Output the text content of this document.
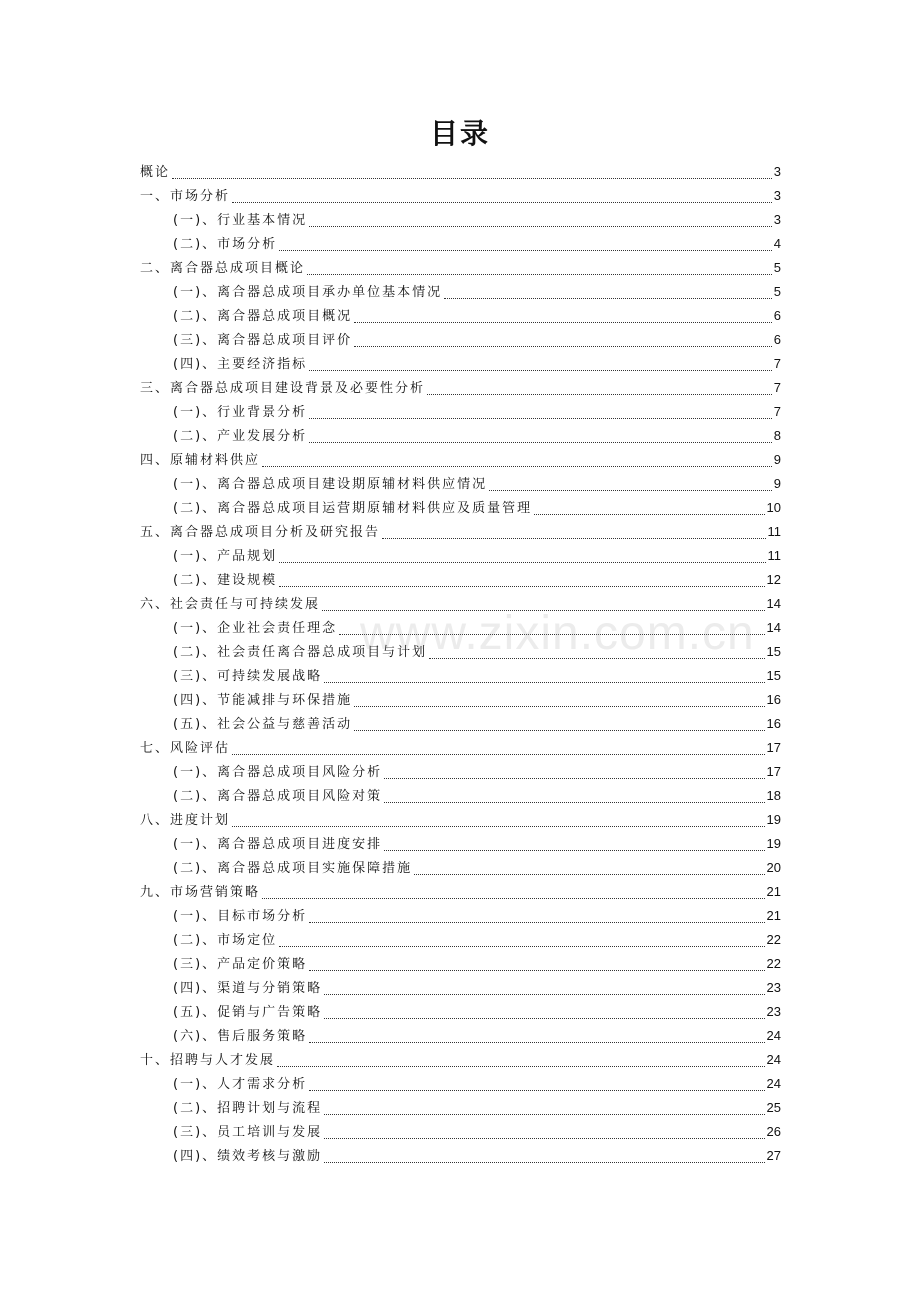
目录
概论	3
一、市场分析	3
(一)、行业基本情况	3
(二)、市场分析	4
二、离合器总成项目概论	5
(一)、离合器总成项目承办单位基本情况	5
(二)、离合器总成项目概况	6
(三)、离合器总成项目评价	6
(四)、主要经济指标	7
三、离合器总成项目建设背景及必要性分析	7
(一)、行业背景分析	7
(二)、产业发展分析	8
四、原辅材料供应	9
(一)、离合器总成项目建设期原辅材料供应情况	9
(二)、离合器总成项目运营期原辅材料供应及质量管理	10
五、离合器总成项目分析及研究报告	11
(一)、产品规划	11
(二)、建设规模	12
六、社会责任与可持续发展	14
(一)、企业社会责任理念	14
(二)、社会责任离合器总成项目与计划	15
(三)、可持续发展战略	15
(四)、节能减排与环保措施	16
(五)、社会公益与慈善活动	16
七、风险评估	17
(一)、离合器总成项目风险分析	17
(二)、离合器总成项目风险对策	18
八、进度计划	19
(一)、离合器总成项目进度安排	19
(二)、离合器总成项目实施保障措施	20
九、市场营销策略	21
(一)、目标市场分析	21
(二)、市场定位	22
(三)、产品定价策略	22
(四)、渠道与分销策略	23
(五)、促销与广告策略	23
(六)、售后服务策略	24
十、招聘与人才发展	24
(一)、人才需求分析	24
(二)、招聘计划与流程	25
(三)、员工培训与发展	26
(四)、绩效考核与激励	27
www.zixin.com.cn
